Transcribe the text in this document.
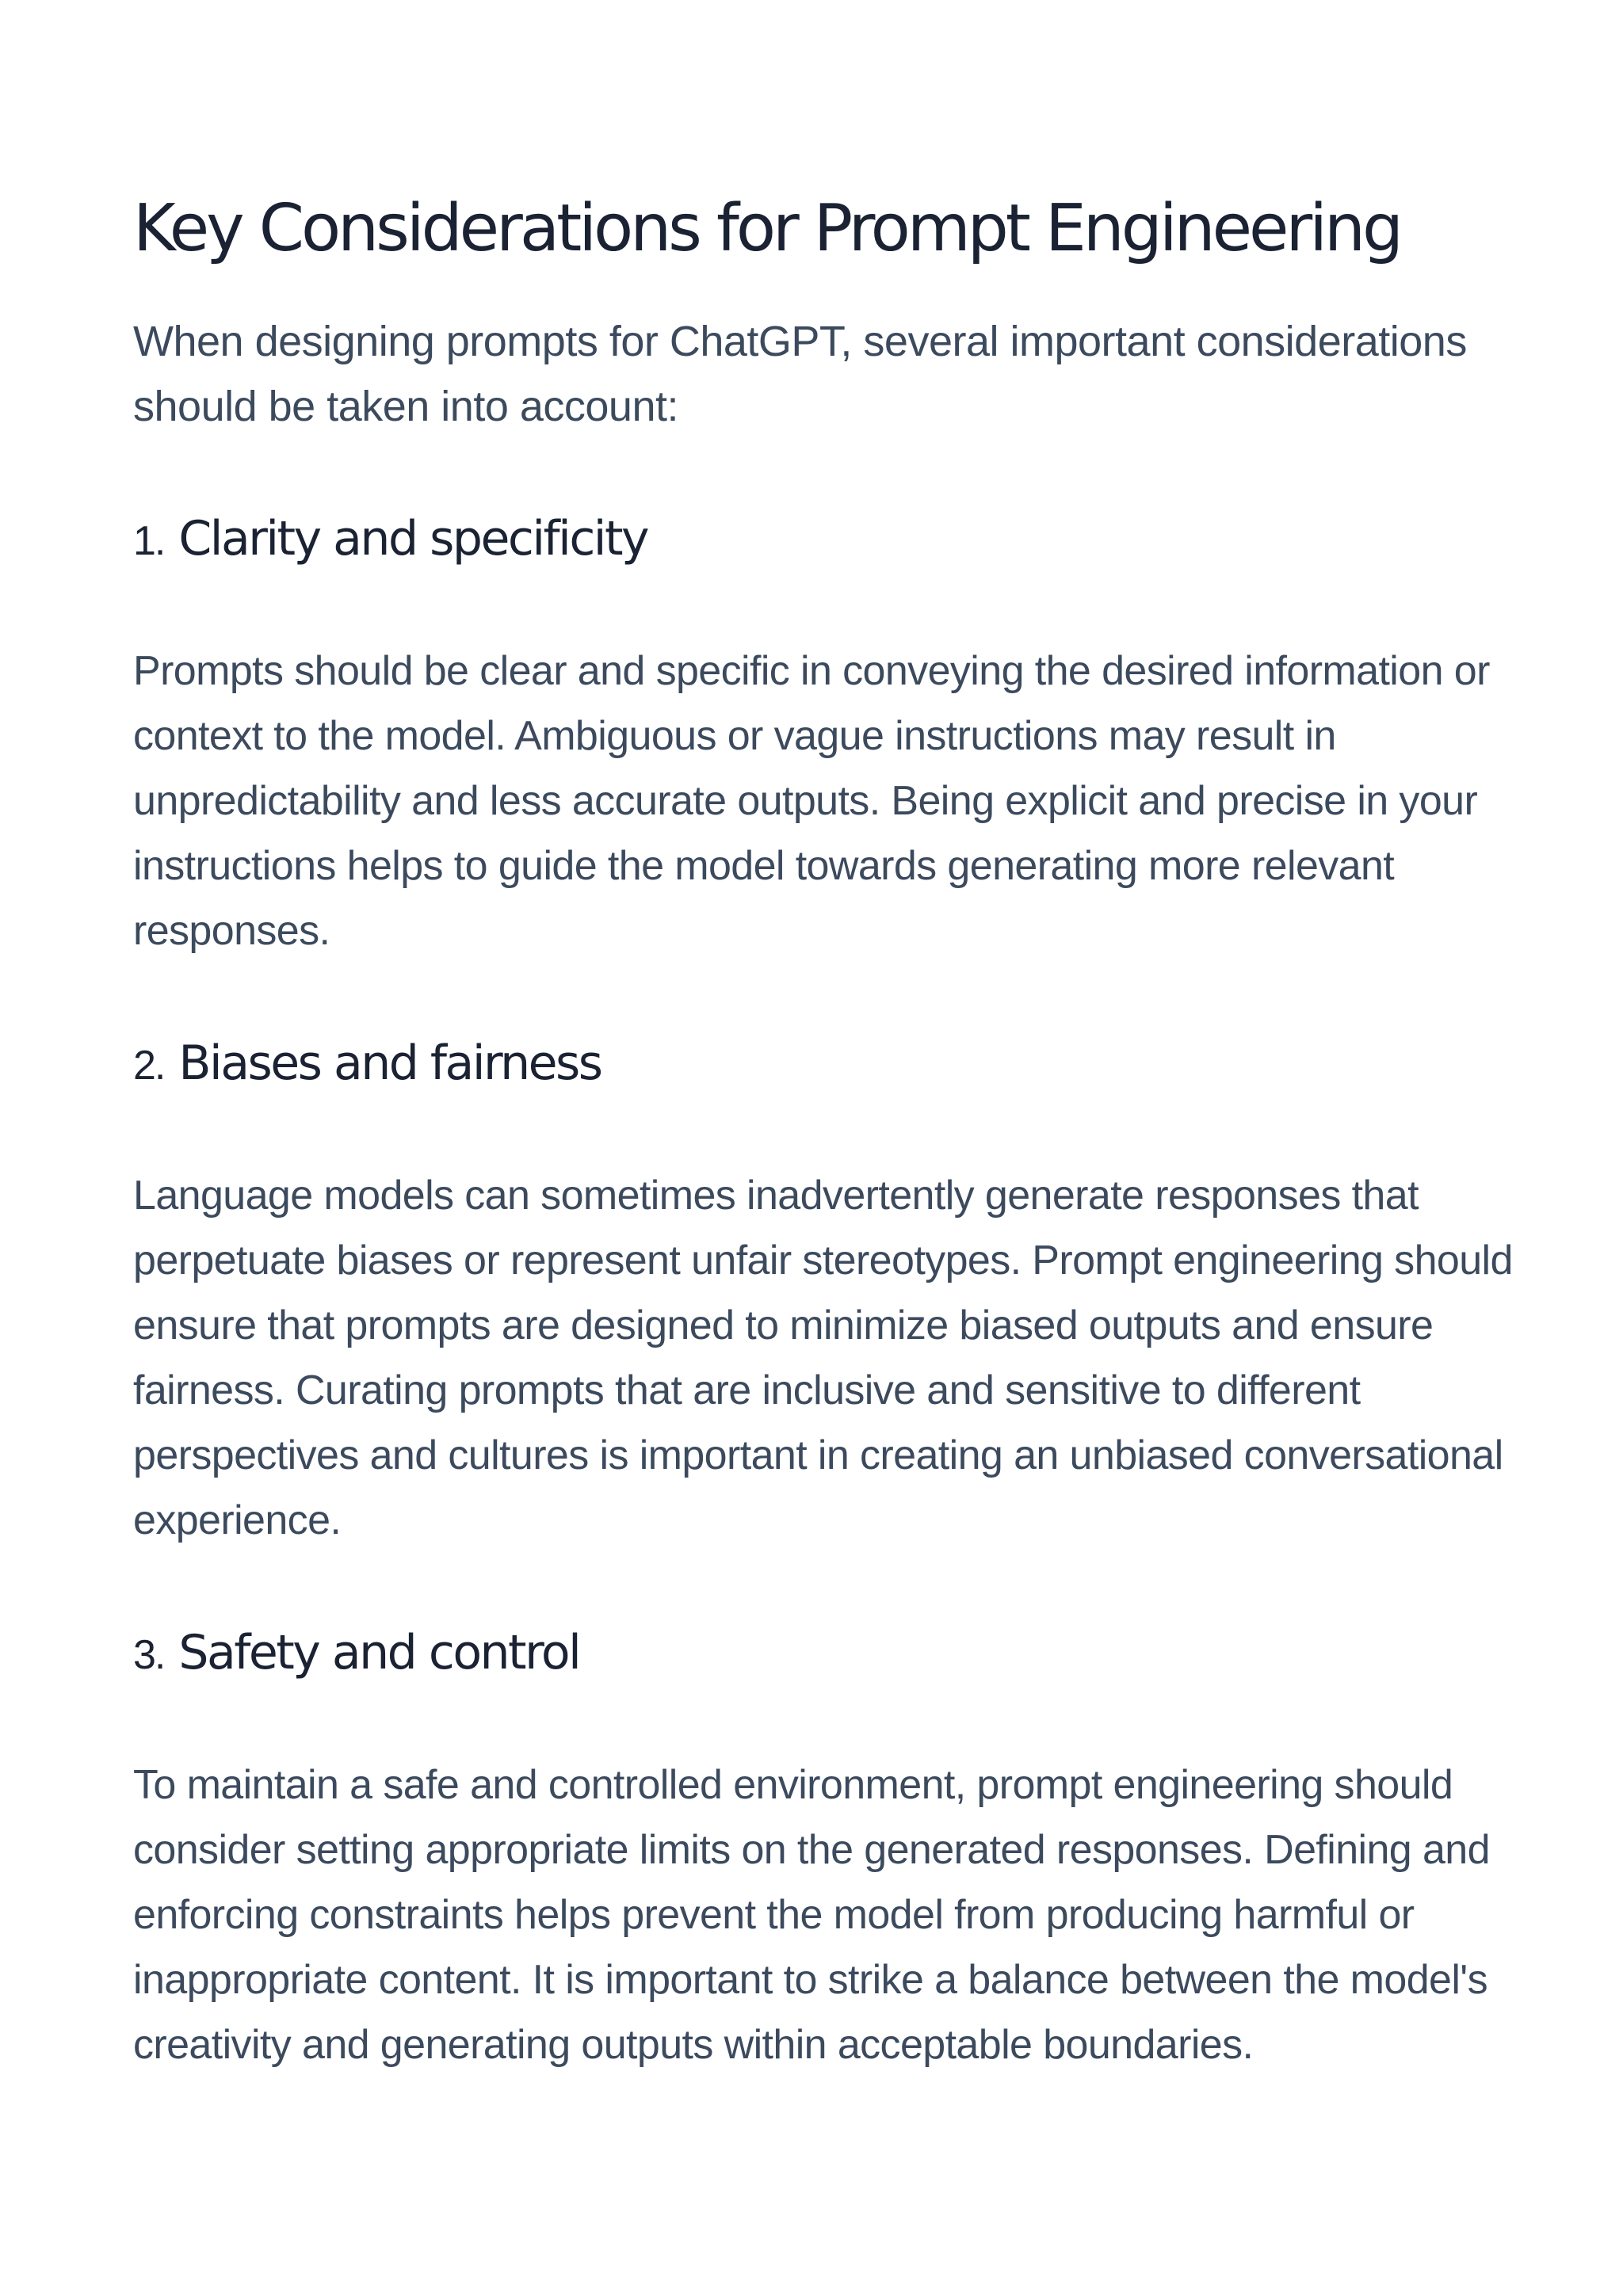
Key Considerations for Prompt Engineering

When designing prompts for ChatGPT, several important considerations should be taken into account:

1. Clarity and specificity

Prompts should be clear and specific in conveying the desired information or context to the model. Ambiguous or vague instructions may result in unpredictability and less accurate outputs. Being explicit and precise in your instructions helps to guide the model towards generating more relevant responses.

2. Biases and fairness

Language models can sometimes inadvertently generate responses that perpetuate biases or represent unfair stereotypes. Prompt engineering should ensure that prompts are designed to minimize biased outputs and ensure fairness. Curating prompts that are inclusive and sensitive to different perspectives and cultures is important in creating an unbiased conversational experience.

3. Safety and control

To maintain a safe and controlled environment, prompt engineering should consider setting appropriate limits on the generated responses. Defining and enforcing constraints helps prevent the model from producing harmful or inappropriate content. It is important to strike a balance between the model's creativity and generating outputs within acceptable boundaries.
